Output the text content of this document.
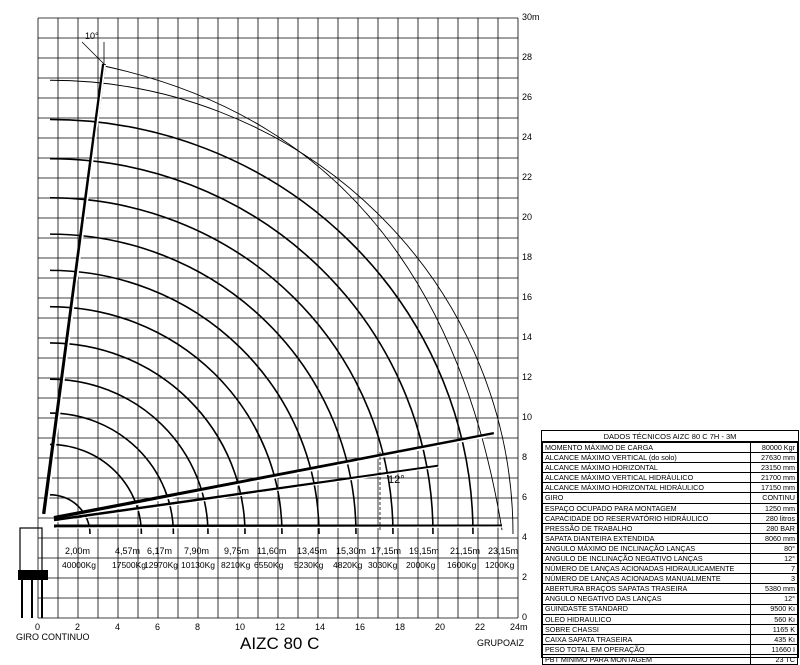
0	2	4	6	8	10	12	14	16	18	20	22
0
2
4
6
8
10
12
14
16
18
20
22
24
26
28
24m
30m
10°
12°
2,00m
40000Kg
4,57m
17500Kg
6,17m
12970Kg
7,90m
10130Kg
9,75m
8210Kg
11,60m
6550Kg
13,45m
5230Kg
15,30m
4820Kg
17,15m
3030Kg
19,15m
2000Kg
21,15m
1600Kg
23,15m
1200Kg
GIRO CONTINUO	AIZC 80 C	GRUPOAIZ
DADOS TÉCNICOS AIZC 80 C 7H - 3M
MOMENTO MÁXIMO DE CARGA	80000 Kgr
ALCANCE MÁXIMO VERTICAL (do solo)	27630 mm
ALCANCE MÁXIMO HORIZONTAL	23150 mm
ALCANCE MÁXIMO VERTICAL HIDRÁULICO	21700 mm
ALCANCE MÁXIMO HORIZONTAL HIDRÁULICO	17150 mm
GIRO	CONTINU
ESPAÇO OCUPADO PARA MONTAGEM	1250 mm
CAPACIDADE DO RESERVATÓRIO HIDRÁULICO	280 litros
PRESSÃO DE TRABALHO	280 BAR
SAPATA DIANTEIRA EXTENDIDA	8060 mm
ANGULO MÁXIMO DE INCLINAÇÃO LANÇAS	80°
ANGULO DE INCLINAÇÃO NEGATIVO LANÇAS	12°
NÚMERO DE LANÇAS ACIONADAS HIDRAULICAMENTE	7
NÚMERO DE LANÇAS ACIONADAS MANUALMENTE	3
ABERTURA BRAÇOS SAPATAS TRASEIRA	5380 mm
ANGULO NEGATIVO DAS LANÇAS	12°
GUINDASTE STANDARD	9500 Kı
OLEO HIDRAULICO	560 Kı
SOBRE CHASSI	1165 K
CAIXA SAPATA TRASEIRA	435 Kı
PESO TOTAL EM OPERAÇÃO	11660 I
PBT MINIMO PARA MONTAGEM	23 TC
